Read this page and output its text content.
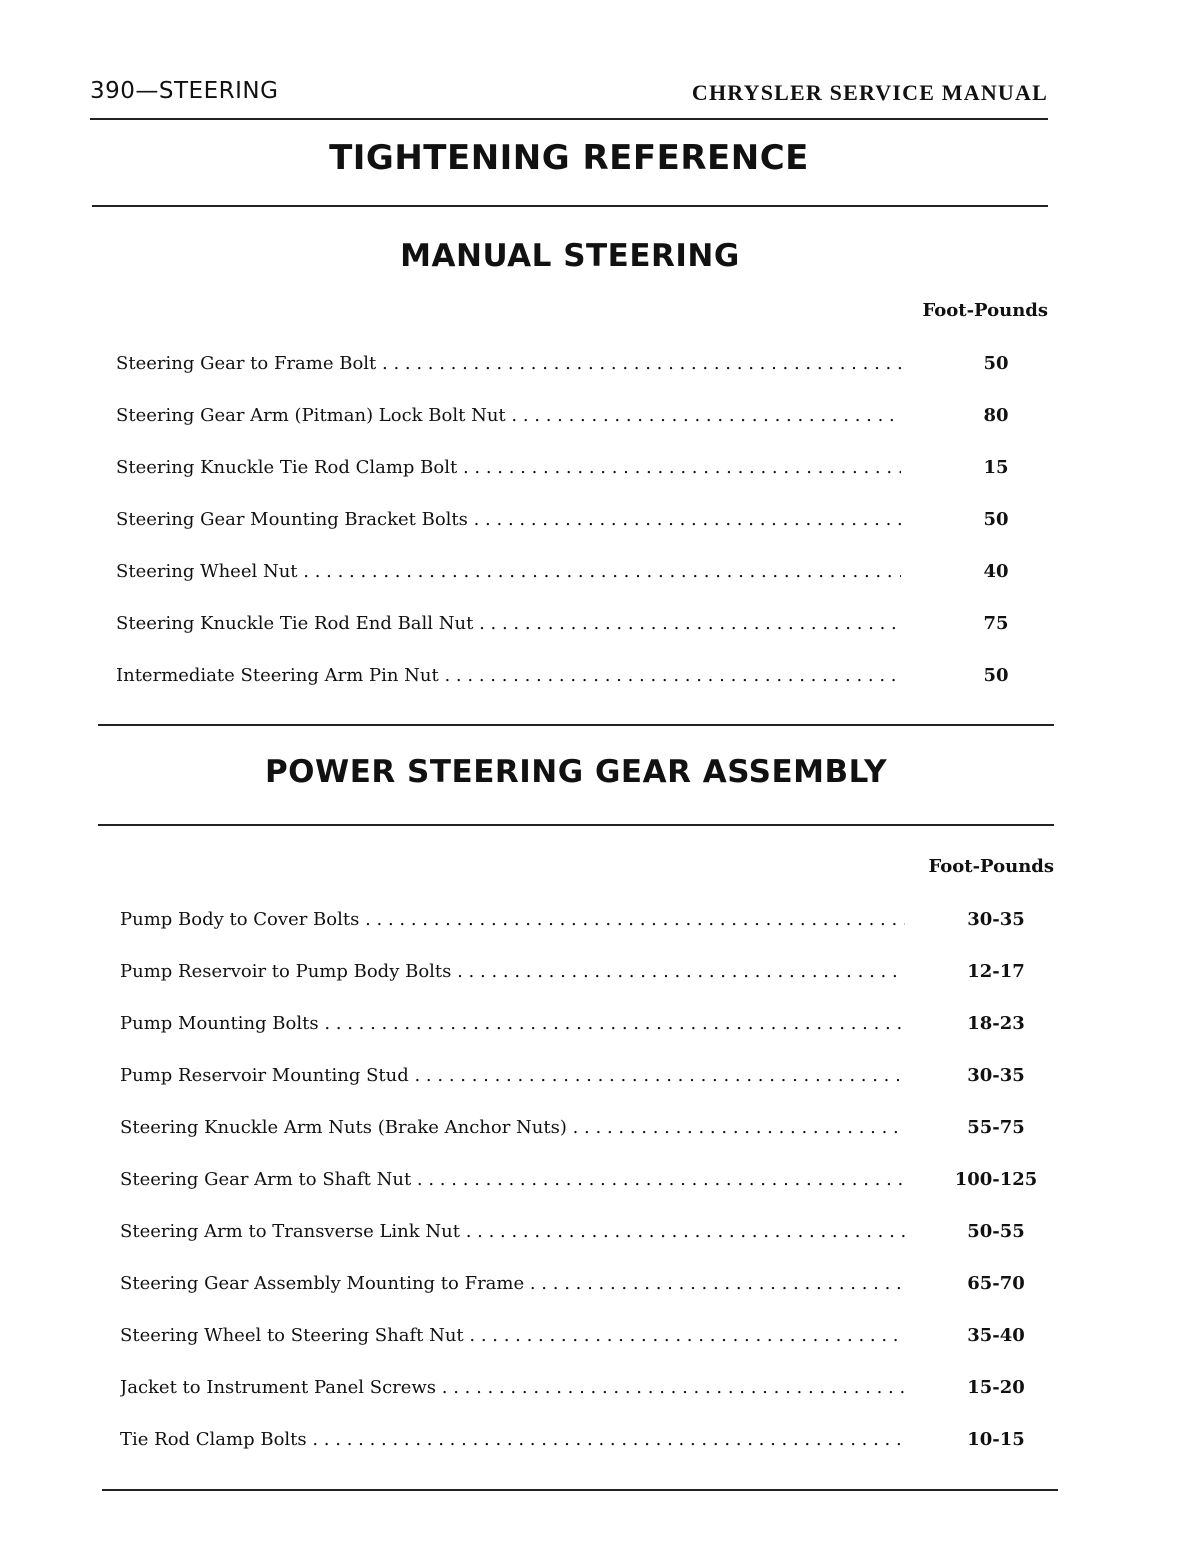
390—STEERING	CHRYSLER SERVICE MANUAL
TIGHTENING REFERENCE
MANUAL STEERING
Foot-Pounds
Steering Gear to Frame Bolt . . .	50
Steering Gear Arm (Pitman) Lock Bolt Nut . . .	80
Steering Knuckle Tie Rod Clamp Bolt . . .	15
Steering Gear Mounting Bracket Bolts . . .	50
Steering Wheel Nut . . .	40
Steering Knuckle Tie Rod End Ball Nut . . .	75
Intermediate Steering Arm Pin Nut . . .	50
POWER STEERING GEAR ASSEMBLY
Foot-Pounds
Pump Body to Cover Bolts . . .	30-35
Pump Reservoir to Pump Body Bolts . . .	12-17
Pump Mounting Bolts . . .	18-23
Pump Reservoir Mounting Stud . . .	30-35
Steering Knuckle Arm Nuts (Brake Anchor Nuts) . . .	55-75
Steering Gear Arm to Shaft Nut . . .	100-125
Steering Arm to Transverse Link Nut . . .	50-55
Steering Gear Assembly Mounting to Frame . . .	65-70
Steering Wheel to Steering Shaft Nut . . .	35-40
Jacket to Instrument Panel Screws . . .	15-20
Tie Rod Clamp Bolts . . .	10-15
